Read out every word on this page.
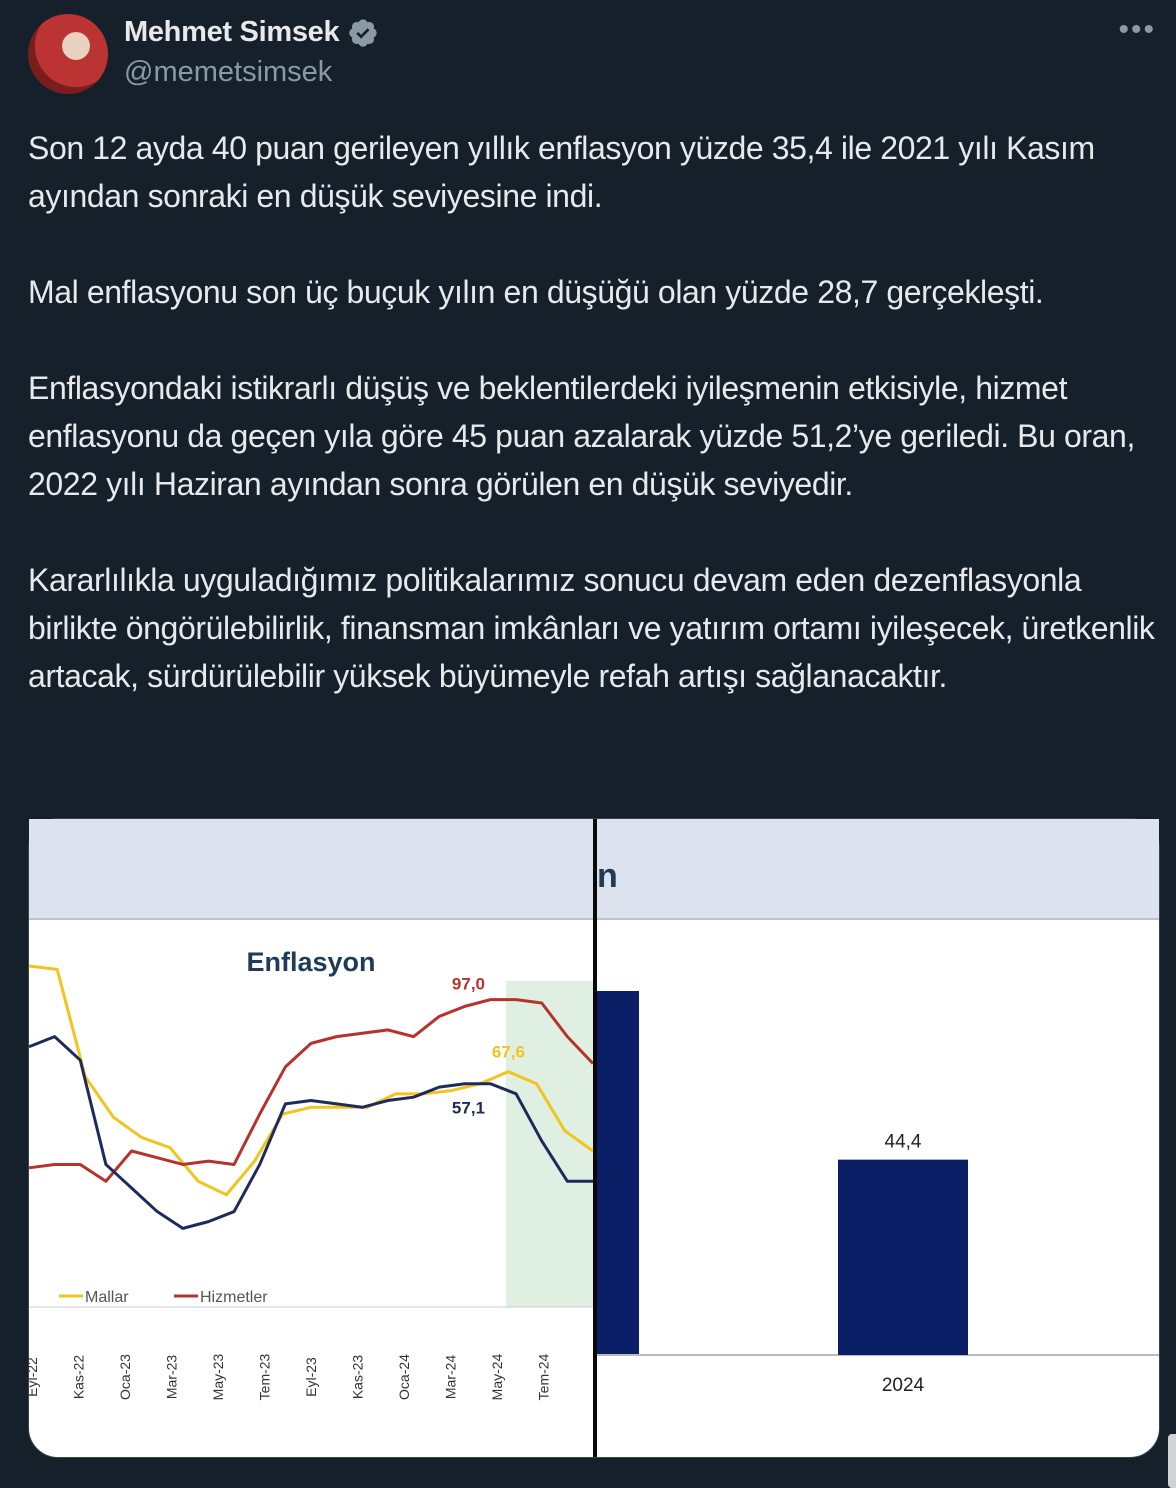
Mehmet Simsek
@memetsimsek
•••

Son 12 ayda 40 puan gerileyen yıllık enflasyon yüzde 35,4 ile 2021 yılı Kasım ayından sonraki en düşük seviyesine indi.

Mal enflasyonu son üç buçuk yılın en düşüğü olan yüzde 28,7 gerçekleşti.

Enflasyondaki istikrarlı düşüş ve beklentilerdeki iyileşmenin etkisiyle, hizmet enflasyonu da geçen yıla göre 45 puan azalarak yüzde 51,2’ye geriledi. Bu oran, 2022 yılı Haziran ayından sonra görülen en düşük seviyedir.

Kararlılıkla uyguladığımız politikalarımız sonucu devam eden dezenflasyonla birlikte öngörülebilirlik, finansman imkânları ve yatırım ortamı iyileşecek, üretkenlik artacak, sürdürülebilir yüksek büyümeyle refah artışı sağlanacaktır.

Enflasyon
67,6
97,0
57,1
Mallar	Hizmetler
Eyl-22 Kas-22 Oca-23 Mar-23 May-23 Tem-23 Eyl-23 Kas-23 Oca-24 Mar-24 May-24 Tem-24
n
44,4
2024
